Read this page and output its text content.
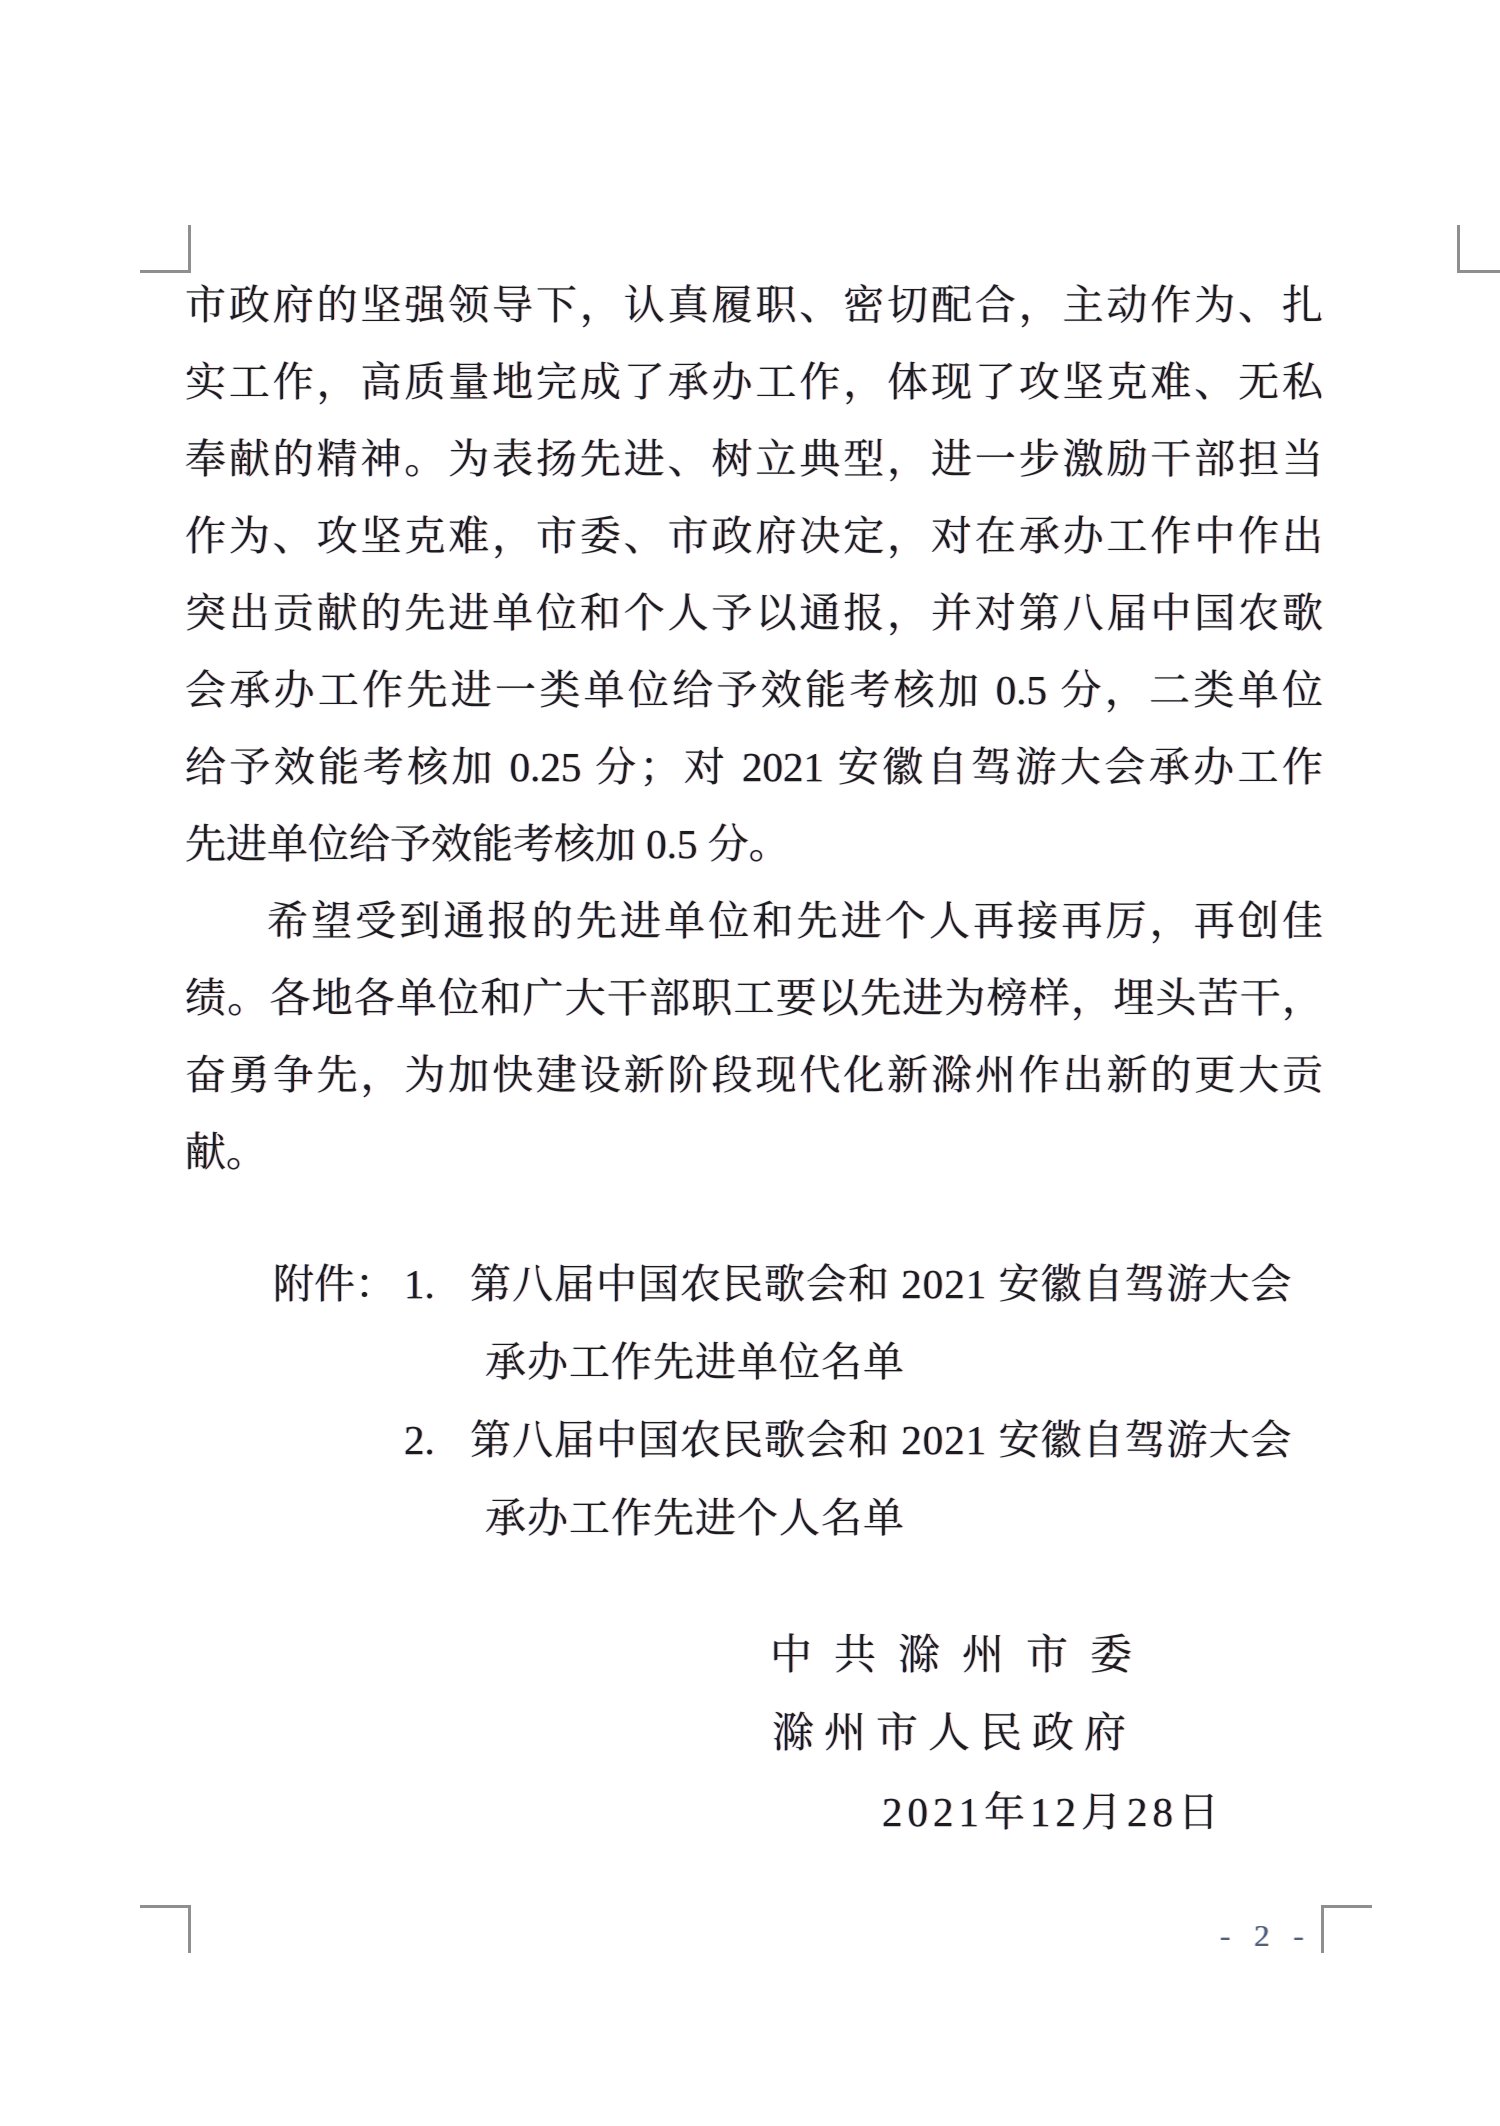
市政府的坚强领导下，认真履职、密切配合，主动作为、扎
实工作，高质量地完成了承办工作，体现了攻坚克难、无私
奉献的精神。为表扬先进、树立典型，进一步激励干部担当
作为、攻坚克难，市委、市政府决定，对在承办工作中作出
突出贡献的先进单位和个人予以通报，并对第八届中国农歌
会承办工作先进一类单位给予效能考核加 0.5 分，二类单位
给予效能考核加 0.25 分；对 2021 安徽自驾游大会承办工作
先进单位给予效能考核加 0.5 分。
希望受到通报的先进单位和先进个人再接再厉，再创佳
绩。各地各单位和广大干部职工要以先进为榜样，埋头苦干，
奋勇争先，为加快建设新阶段现代化新滁州作出新的更大贡
献。
附件： 1. 第八届中国农民歌会和 2021 安徽自驾游大会
承办工作先进单位名单
2. 第八届中国农民歌会和 2021 安徽自驾游大会
承办工作先进个人名单
中共滁州市委
滁州市人民政府
2021年12月28日
- 2 -
